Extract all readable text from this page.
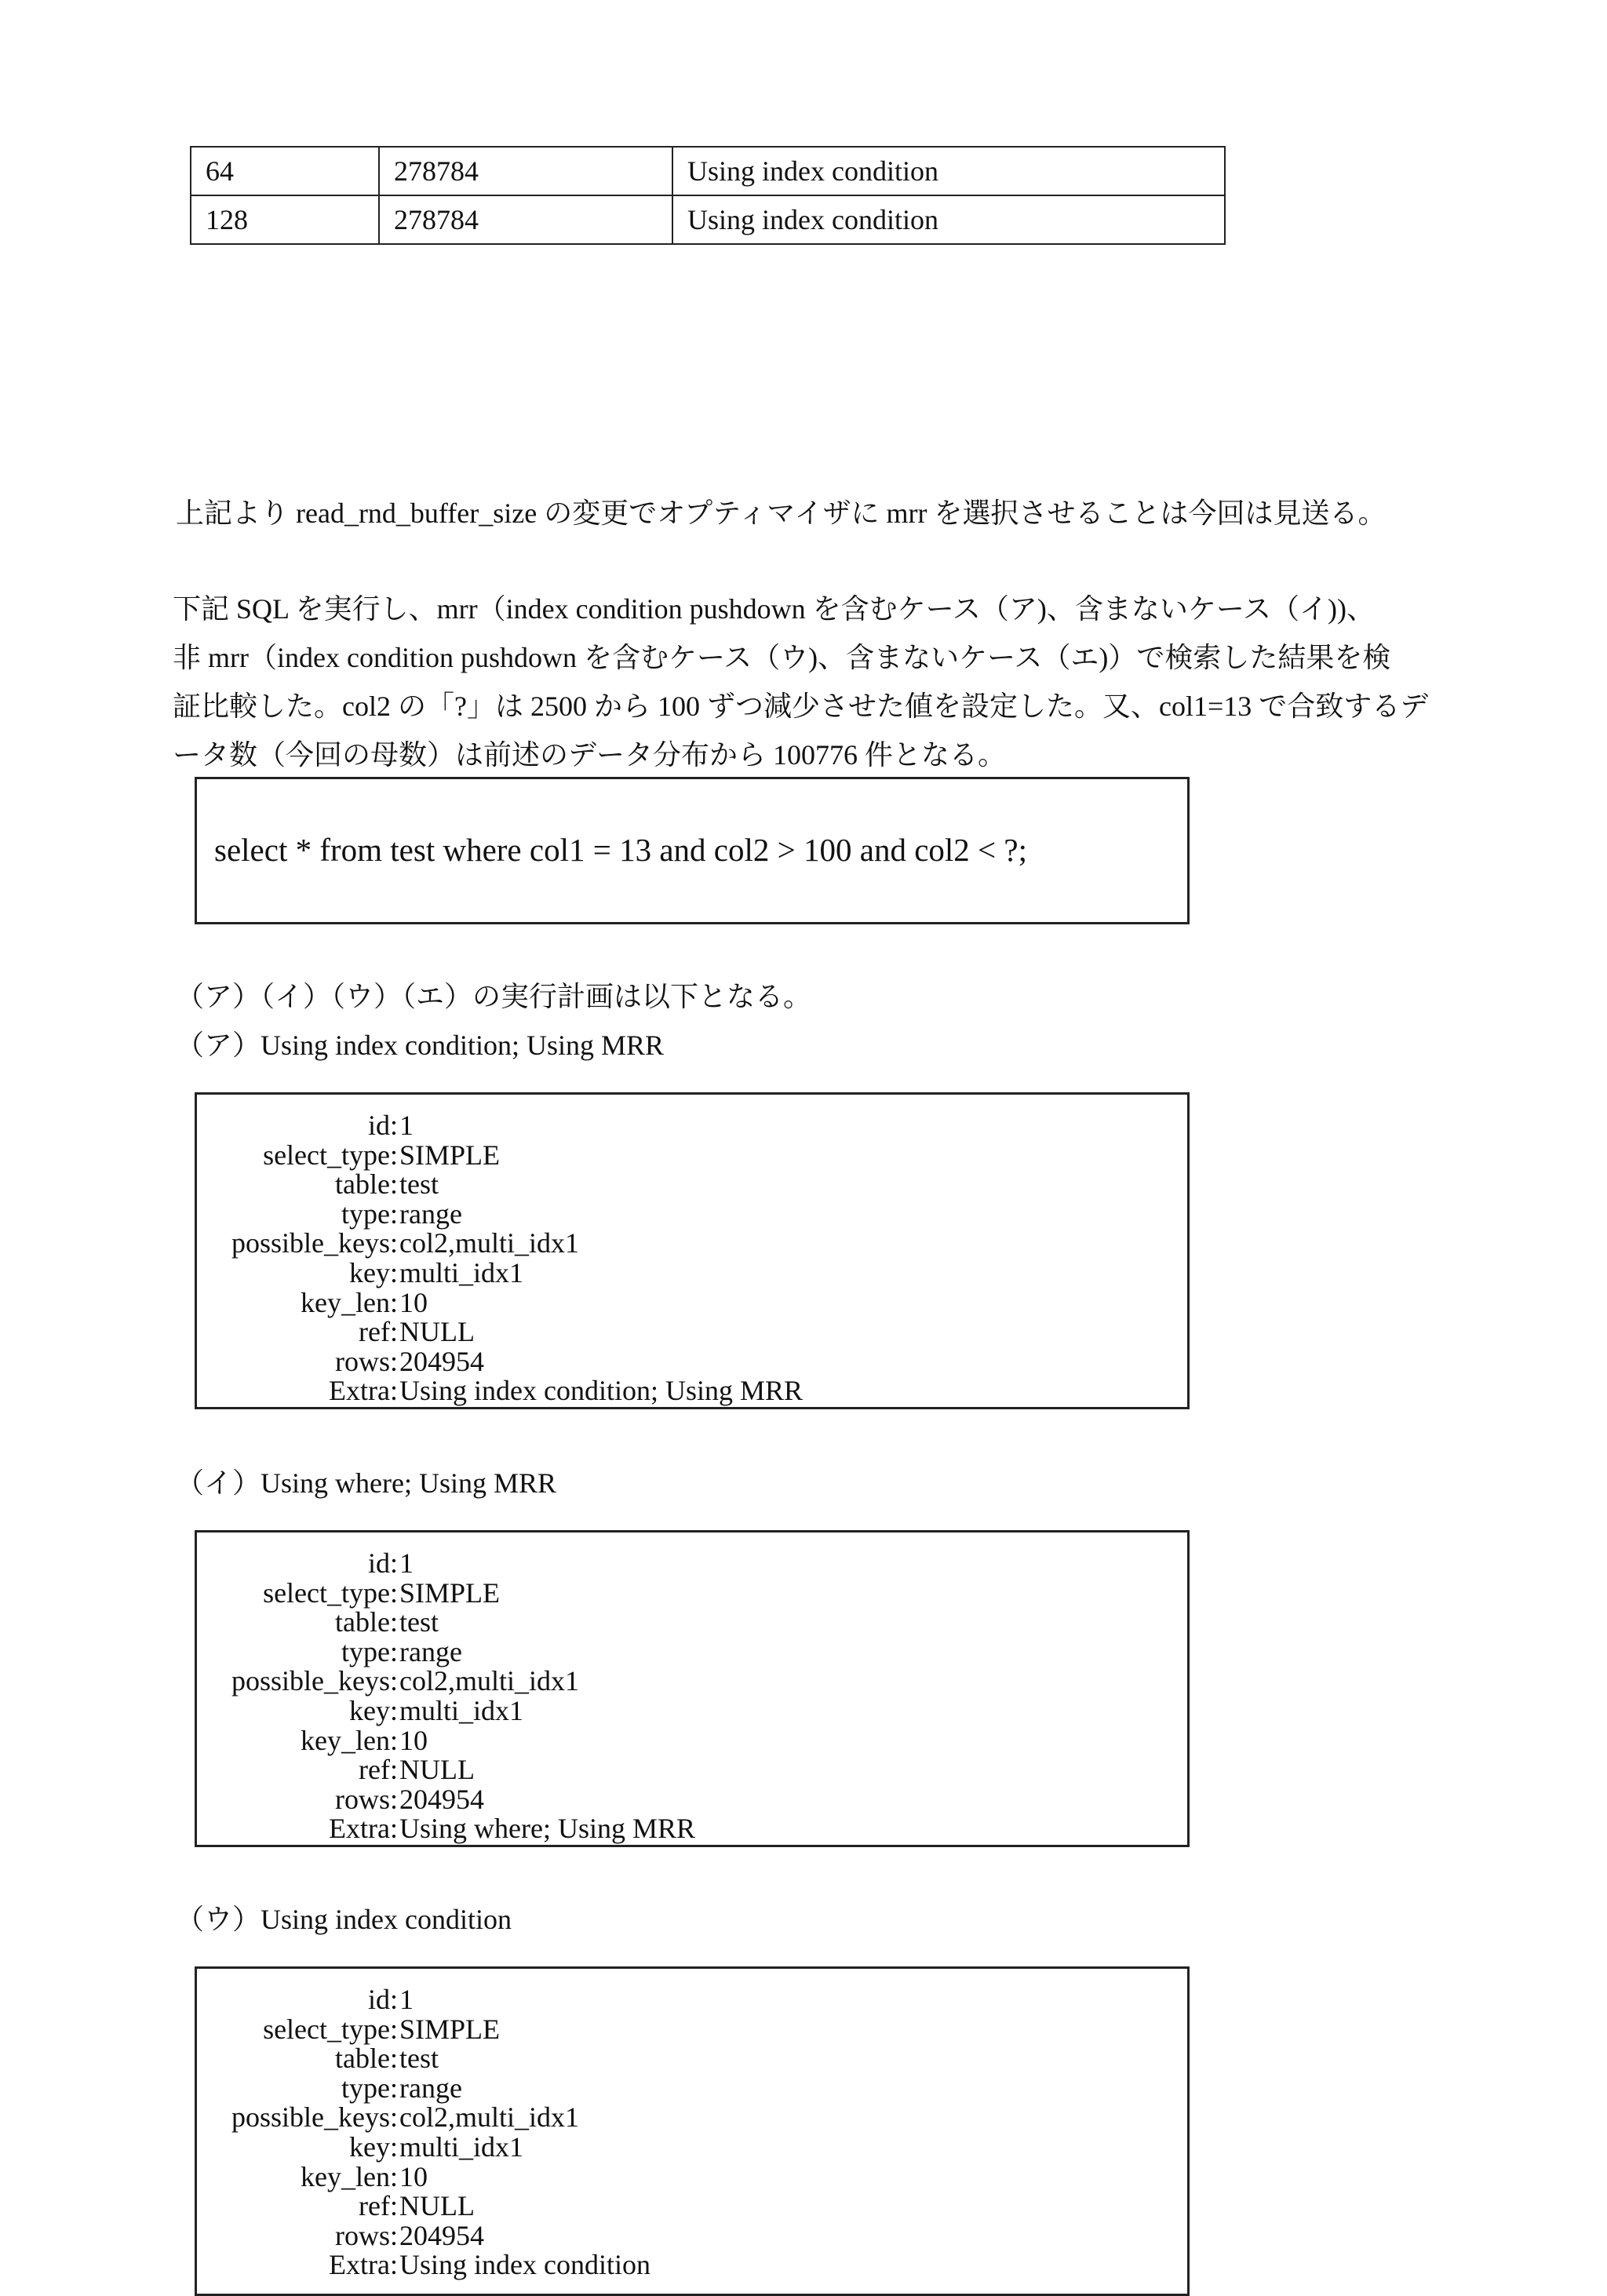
64	278784	Using index condition
128	278784	Using index condition
上記より read_rnd_buffer_size の変更でオプティマイザに mrr を選択させることは今回は見送る。
下記 SQL を実行し、mrr（index condition pushdown を含むケース（ア)、含まないケース（イ))、
非 mrr（index condition pushdown を含むケース（ウ)、含まないケース（エ)）で検索した結果を検
証比較した。col2 の「?」は 2500 から 100 ずつ減少させた値を設定した。又、col1=13 で合致するデ
ータ数（今回の母数）は前述のデータ分布から 100776 件となる。
select * from test where col1 = 13 and col2 > 100 and col2 < ?;
（ア）（イ）（ウ）（エ）の実行計画は以下となる。
（ア）Using index condition; Using MRR
id: 1
select_type: SIMPLE
table: test
type: range
possible_keys: col2,multi_idx1
key: multi_idx1
key_len: 10
ref: NULL
rows: 204954
Extra: Using index condition; Using MRR
（イ）Using where; Using MRR
id: 1
select_type: SIMPLE
table: test
type: range
possible_keys: col2,multi_idx1
key: multi_idx1
key_len: 10
ref: NULL
rows: 204954
Extra: Using where; Using MRR
（ウ）Using index condition
id: 1
select_type: SIMPLE
table: test
type: range
possible_keys: col2,multi_idx1
key: multi_idx1
key_len: 10
ref: NULL
rows: 204954
Extra: Using index condition
